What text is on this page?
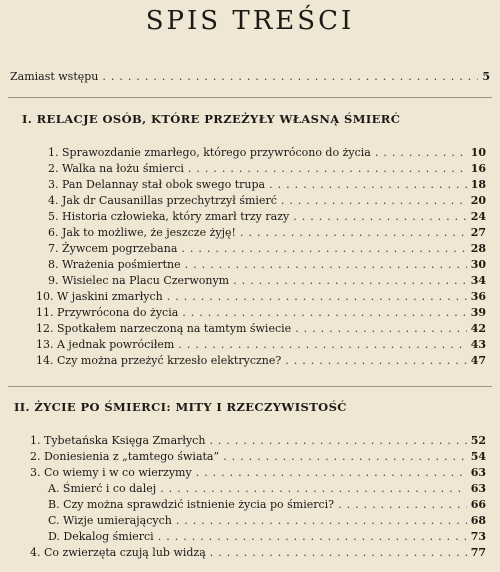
SPIS TREŚCI
Zamiast wstępu .....	5
I. RELACJE OSÓB, KTÓRE PRZEŻYŁY WŁASNĄ ŚMIERĆ
1. Sprawozdanie zmarłego, którego przywrócono do życia .....	10
2. Walka na łożu śmierci .....	16
3. Pan Delannay stał obok swego trupa .....	18
4. Jak dr Causanillas przechytrzył śmierć .....	20
5. Historia człowieka, który zmarł trzy razy .....	24
6. Jak to możliwe, że jeszcze żyję! .....	27
7. Żywcem pogrzebana .....	28
8. Wrażenia pośmiertne .....	30
9. Wisielec na Placu Czerwonym .....	34
10. W jaskini zmarłych .....	36
11. Przywrócona do życia .....	39
12. Spotkałem narzeczoną na tamtym świecie .....	42
13. A jednak powróciłem .....	43
14. Czy można przeżyć krzesło elektryczne? .....	47
II. ŻYCIE PO ŚMIERCI: MITY I RZECZYWISTOŚĆ
1. Tybetańska Księga Zmarłych .....	52
2. Doniesienia z „tamtego świata” .....	54
3. Co wiemy i w co wierzymy .....	63
A. Śmierć i co dalej .....	63
B. Czy można sprawdzić istnienie życia po śmierci? .....	66
C. Wizje umierających .....	68
D. Dekalog śmierci .....	73
4. Co zwierzęta czują lub widzą .....	77
